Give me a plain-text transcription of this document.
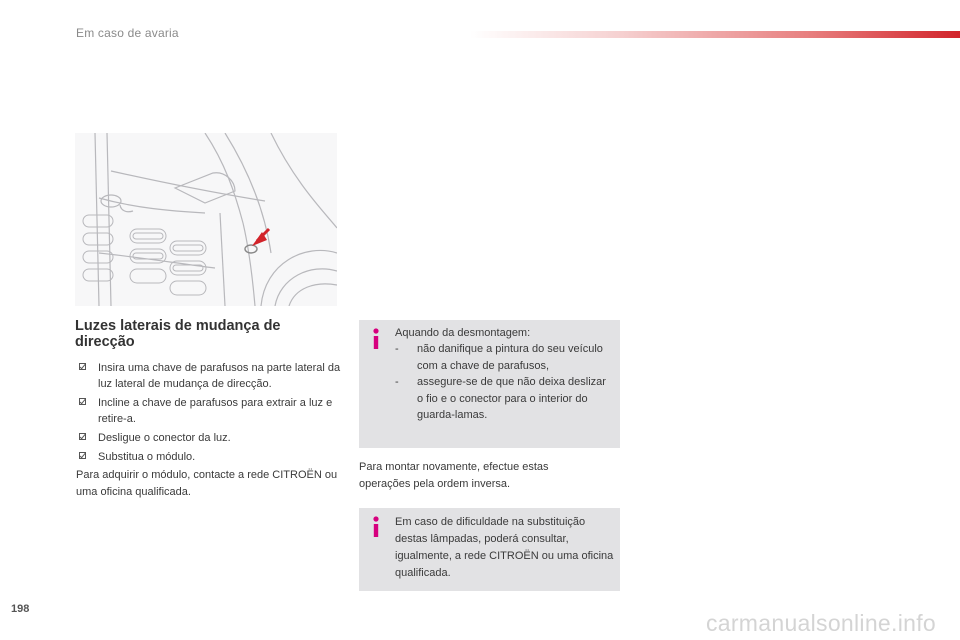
Em caso de avaria
Luzes laterais de mudança de direcção
Insira uma chave de parafusos na parte lateral da luz lateral de mudança de direcção.
Incline a chave de parafusos para extrair a luz e retire-a.
Desligue o conector da luz.
Substitua o módulo.
Para adquirir o módulo, contacte a rede CITROËN ou uma oficina qualificada.
Aquando da desmontagem:
- não danifique a pintura do seu veículo com a chave de parafusos,
- assegure-se de que não deixa deslizar o fio e o conector para o interior do guarda-lamas.
Para montar novamente, efectue estas operações pela ordem inversa.
Em caso de dificuldade na substituição destas lâmpadas, poderá consultar, igualmente, a rede CITROËN ou uma oficina qualificada.
198
carmanualsonline.info
